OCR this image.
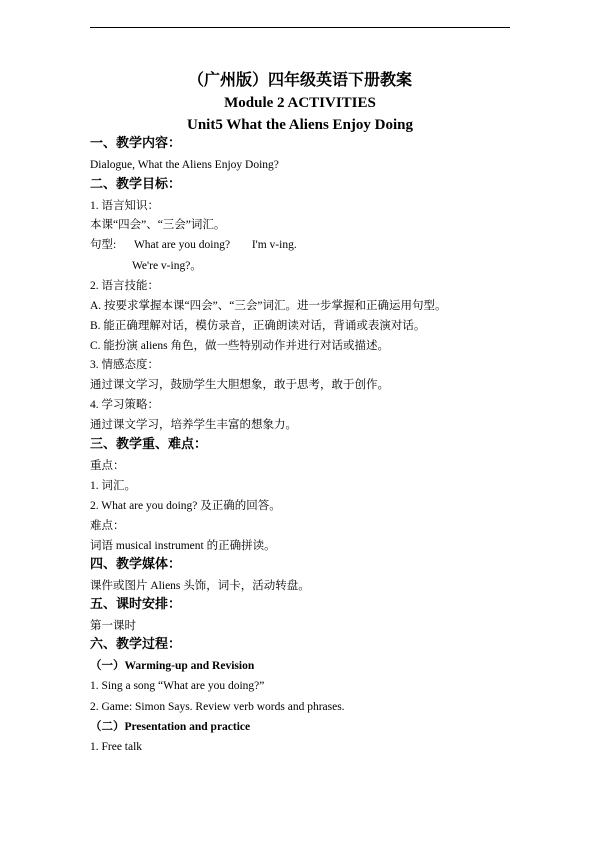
（广州版）四年级英语下册教案
Module 2 ACTIVITIES
Unit5 What the Aliens Enjoy Doing
一、教学内容：
Dialogue, What the Aliens Enjoy Doing?
二、教学目标：
1. 语言知识：
本课“四会”、“三会”词汇。
句型: What are you doing? I'm v-ing.
We're v-ing?。
2. 语言技能：
A. 按要求掌握本课“四会”、“三会”词汇。进一步掌握和正确运用句型。
B. 能正确理解对话，模仿录音，正确朗读对话，背诵或表演对话。
C. 能扮演 aliens 角色，做一些特别动作并进行对话或描述。
3. 情感态度：
通过课文学习，鼓励学生大胆想象，敢于思考，敢于创作。
4. 学习策略：
通过课文学习，培养学生丰富的想象力。
三、教学重、难点：
重点：
1. 词汇。
2. What are you doing? 及正确的回答。
难点：
词语 musical instrument 的正确拼读。
四、教学媒体：
课件或图片 Aliens 头饰，词卡，活动转盘。
五、课时安排：
第一课时
六、教学过程：
（一）Warming-up and Revision
1. Sing a song “What are you doing?”
2. Game: Simon Says. Review verb words and phrases.
（二）Presentation and practice
1. Free talk
